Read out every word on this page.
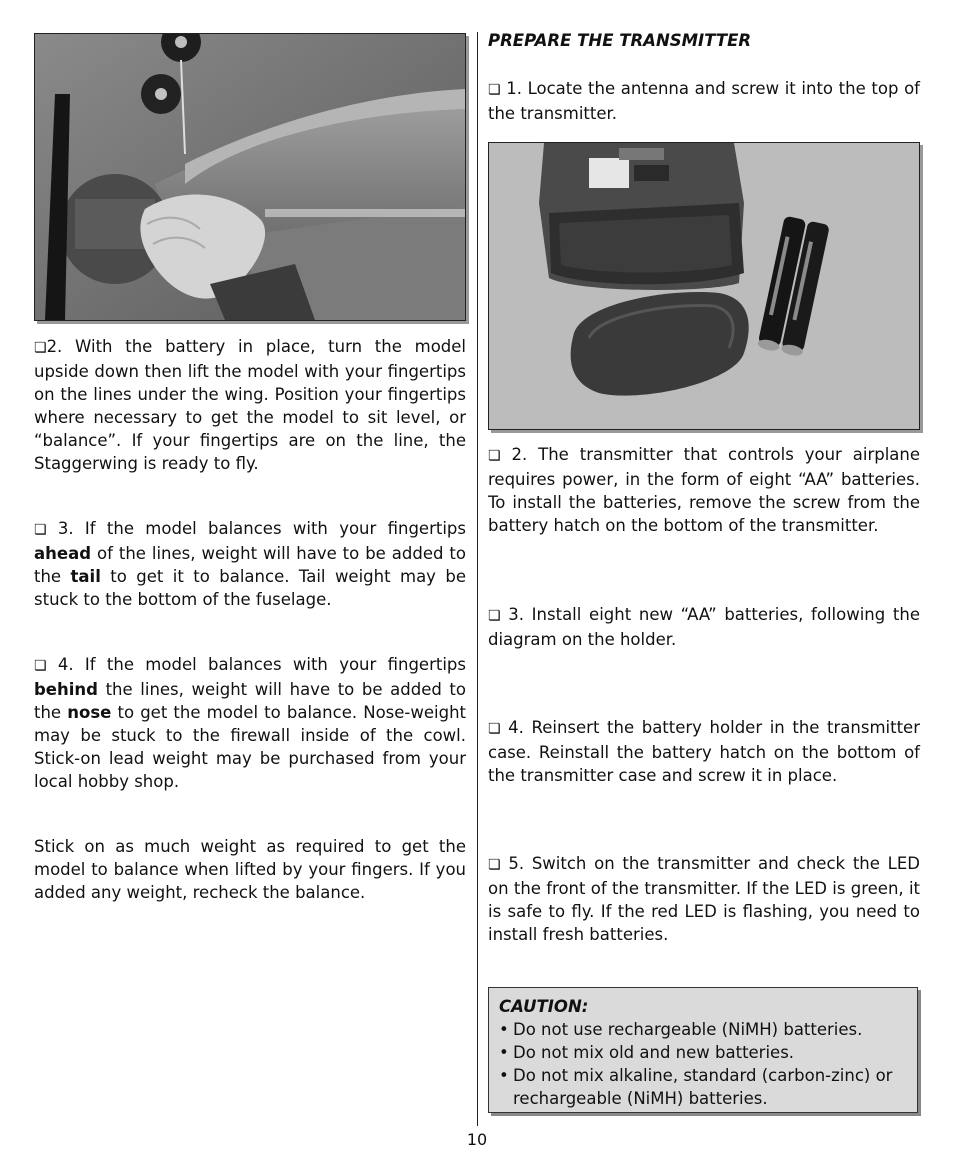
❏2. With the battery in place, turn the model upside down then lift the model with your fingertips on the lines under the wing. Position your fingertips where necessary to get the model to sit level, or “balance”. If your fingertips are on the line, the Staggerwing is ready to fly.

❏ 3. If the model balances with your fingertips ahead of the lines, weight will have to be added to the tail to get it to balance. Tail weight may be stuck to the bottom of the fuselage.

❏ 4. If the model balances with your fingertips behind the lines, weight will have to be added to the nose to get the model to balance. Nose-weight may be stuck to the firewall inside of the cowl. Stick-on lead weight may be purchased from your local hobby shop.

Stick on as much weight as required to get the model to balance when lifted by your fingers. If you added any weight, recheck the balance.

PREPARE THE TRANSMITTER

❏ 1. Locate the antenna and screw it into the top of the transmitter.

❏ 2. The transmitter that controls your airplane requires power, in the form of eight “AA” batteries. To install the batteries, remove the screw from the battery hatch on the bottom of the transmitter.

❏ 3. Install eight new “AA” batteries, following the diagram on the holder.

❏ 4. Reinsert the battery holder in the transmitter case. Reinstall the battery hatch on the bottom of the transmitter case and screw it in place.

❏ 5. Switch on the transmitter and check the LED on the front of the transmitter. If the LED is green, it is safe to fly. If the red LED is flashing, you need to install fresh batteries.

CAUTION:
• Do not use rechargeable (NiMH) batteries.
• Do not mix old and new batteries.
• Do not mix alkaline, standard (carbon-zinc) or rechargeable (NiMH) batteries.
10
